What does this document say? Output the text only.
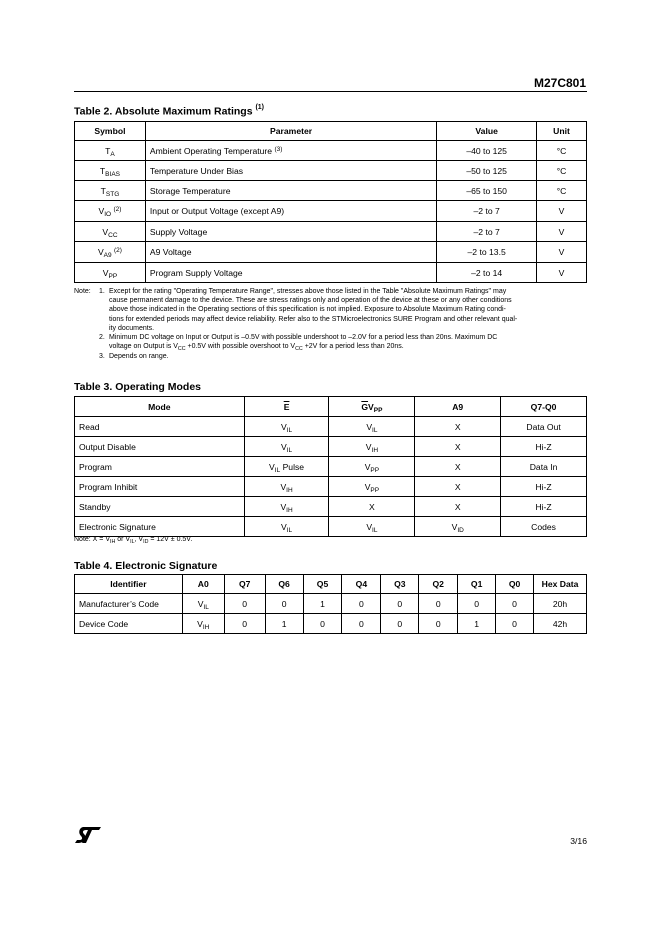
M27C801
Table 2. Absolute Maximum Ratings $^{(1)}$
Symbol	Parameter	Value	Unit
$T_A$	Ambient Operating Temperature $^{(3)}$	–40 to 125	°C
$T_{BIAS}$	Temperature Under Bias	–50 to 125	°C
$T_{STG}$	Storage Temperature	–65 to 150	°C
$V_{IO}$ $^{(2)}$	Input or Output Voltage (except A9)	–2 to 7	V
$V_{CC}$	Supply Voltage	–2 to 7	V
$V_{A9}$ $^{(2)}$	A9 Voltage	–2 to 13.5	V
$V_{PP}$	Program Supply Voltage	–2 to 14	V
Note:	1. Except for the rating "Operating Temperature Range", stresses above those listed in the Table "Absolute Maximum Ratings" may
cause permanent damage to the device. These are stress ratings only and operation of the device at these or any other conditions
above those indicated in the Operating sections of this specification is not implied. Exposure to Absolute Maximum Rating condi-
tions for extended periods may affect device reliability. Refer also to the STMicroelectronics SURE Program and other relevant qual-
ity documents.
2. Minimum DC voltage on Input or Output is –0.5V with possible undershoot to –2.0V for a period less than 20ns. Maximum DC
voltage on Output is $V_{CC} +0.5V$ with possible overshoot to $V_{CC} +2V$ for a period less than 20ns.
3. Depends on range.
Table 3. Operating Modes
Mode	$\overline{E}$	$\overline{G}V_{PP}$	A9	Q7-Q0
Read	$V_{IL}$	$V_{IL}$	X	Data Out
Output Disable	$V_{IL}$	$V_{IH}$	X	Hi-Z
Program	$V_{IL}$ Pulse	$V_{PP}$	X	Data In
Program Inhibit	$V_{IH}$	$V_{PP}$	X	Hi-Z
Standby	$V_{IH}$	X	X	Hi-Z
Electronic Signature	$V_{IL}$	$V_{IL}$	$V_{ID}$	Codes
Note: $X = V_{IH}$ or $V_{IL}$, $V_{ID} = 12V \pm 0.5V$.
Table 4. Electronic Signature
Identifier	A0	Q7	Q6	Q5	Q4	Q3	Q2	Q1	Q0	Hex Data
Manufacturer’s Code	$V_{IL}$	0	0	1	0	0	0	0	0	20h
Device Code	$V_{IH}$	0	1	0	0	0	0	1	0	42h
3/16
